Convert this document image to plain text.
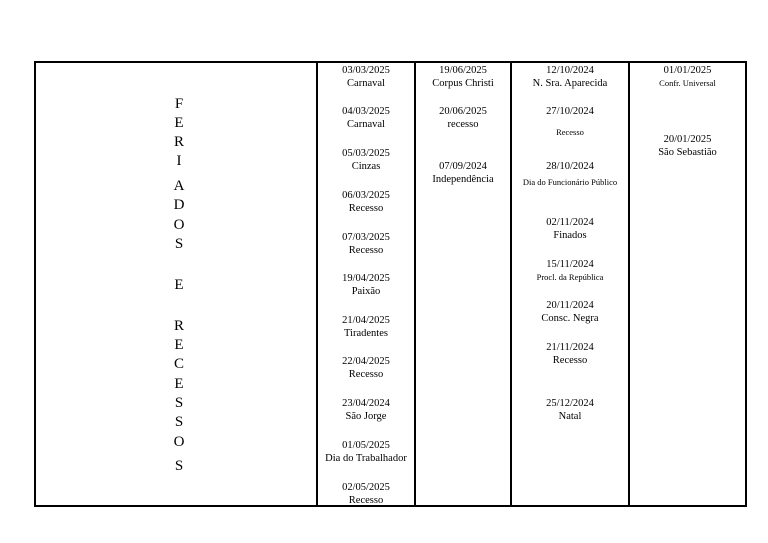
F
E
R
I
A
D
O
S
E
R
E
C
E
S
S
O
S
03/03/2025
Carnaval
04/03/2025
Carnaval
05/03/2025
Cinzas
06/03/2025
Recesso
07/03/2025
Recesso
19/04/2025
Paixão
21/04/2025
Tiradentes
22/04/2025
Recesso
23/04/2024
São Jorge
01/05/2025
Dia do Trabalhador
02/05/2025
Recesso
19/06/2025
Corpus Christi
20/06/2025
recesso
07/09/2024
Independência
12/10/2024
N. Sra. Aparecida
27/10/2024
Recesso
28/10/2024
Dia do Funcionário Público
02/11/2024
Finados
15/11/2024
Procl. da República
20/11/2024
Consc. Negra
21/11/2024
Recesso
25/12/2024
Natal
01/01/2025
Confr. Universal
20/01/2025
São Sebastião
